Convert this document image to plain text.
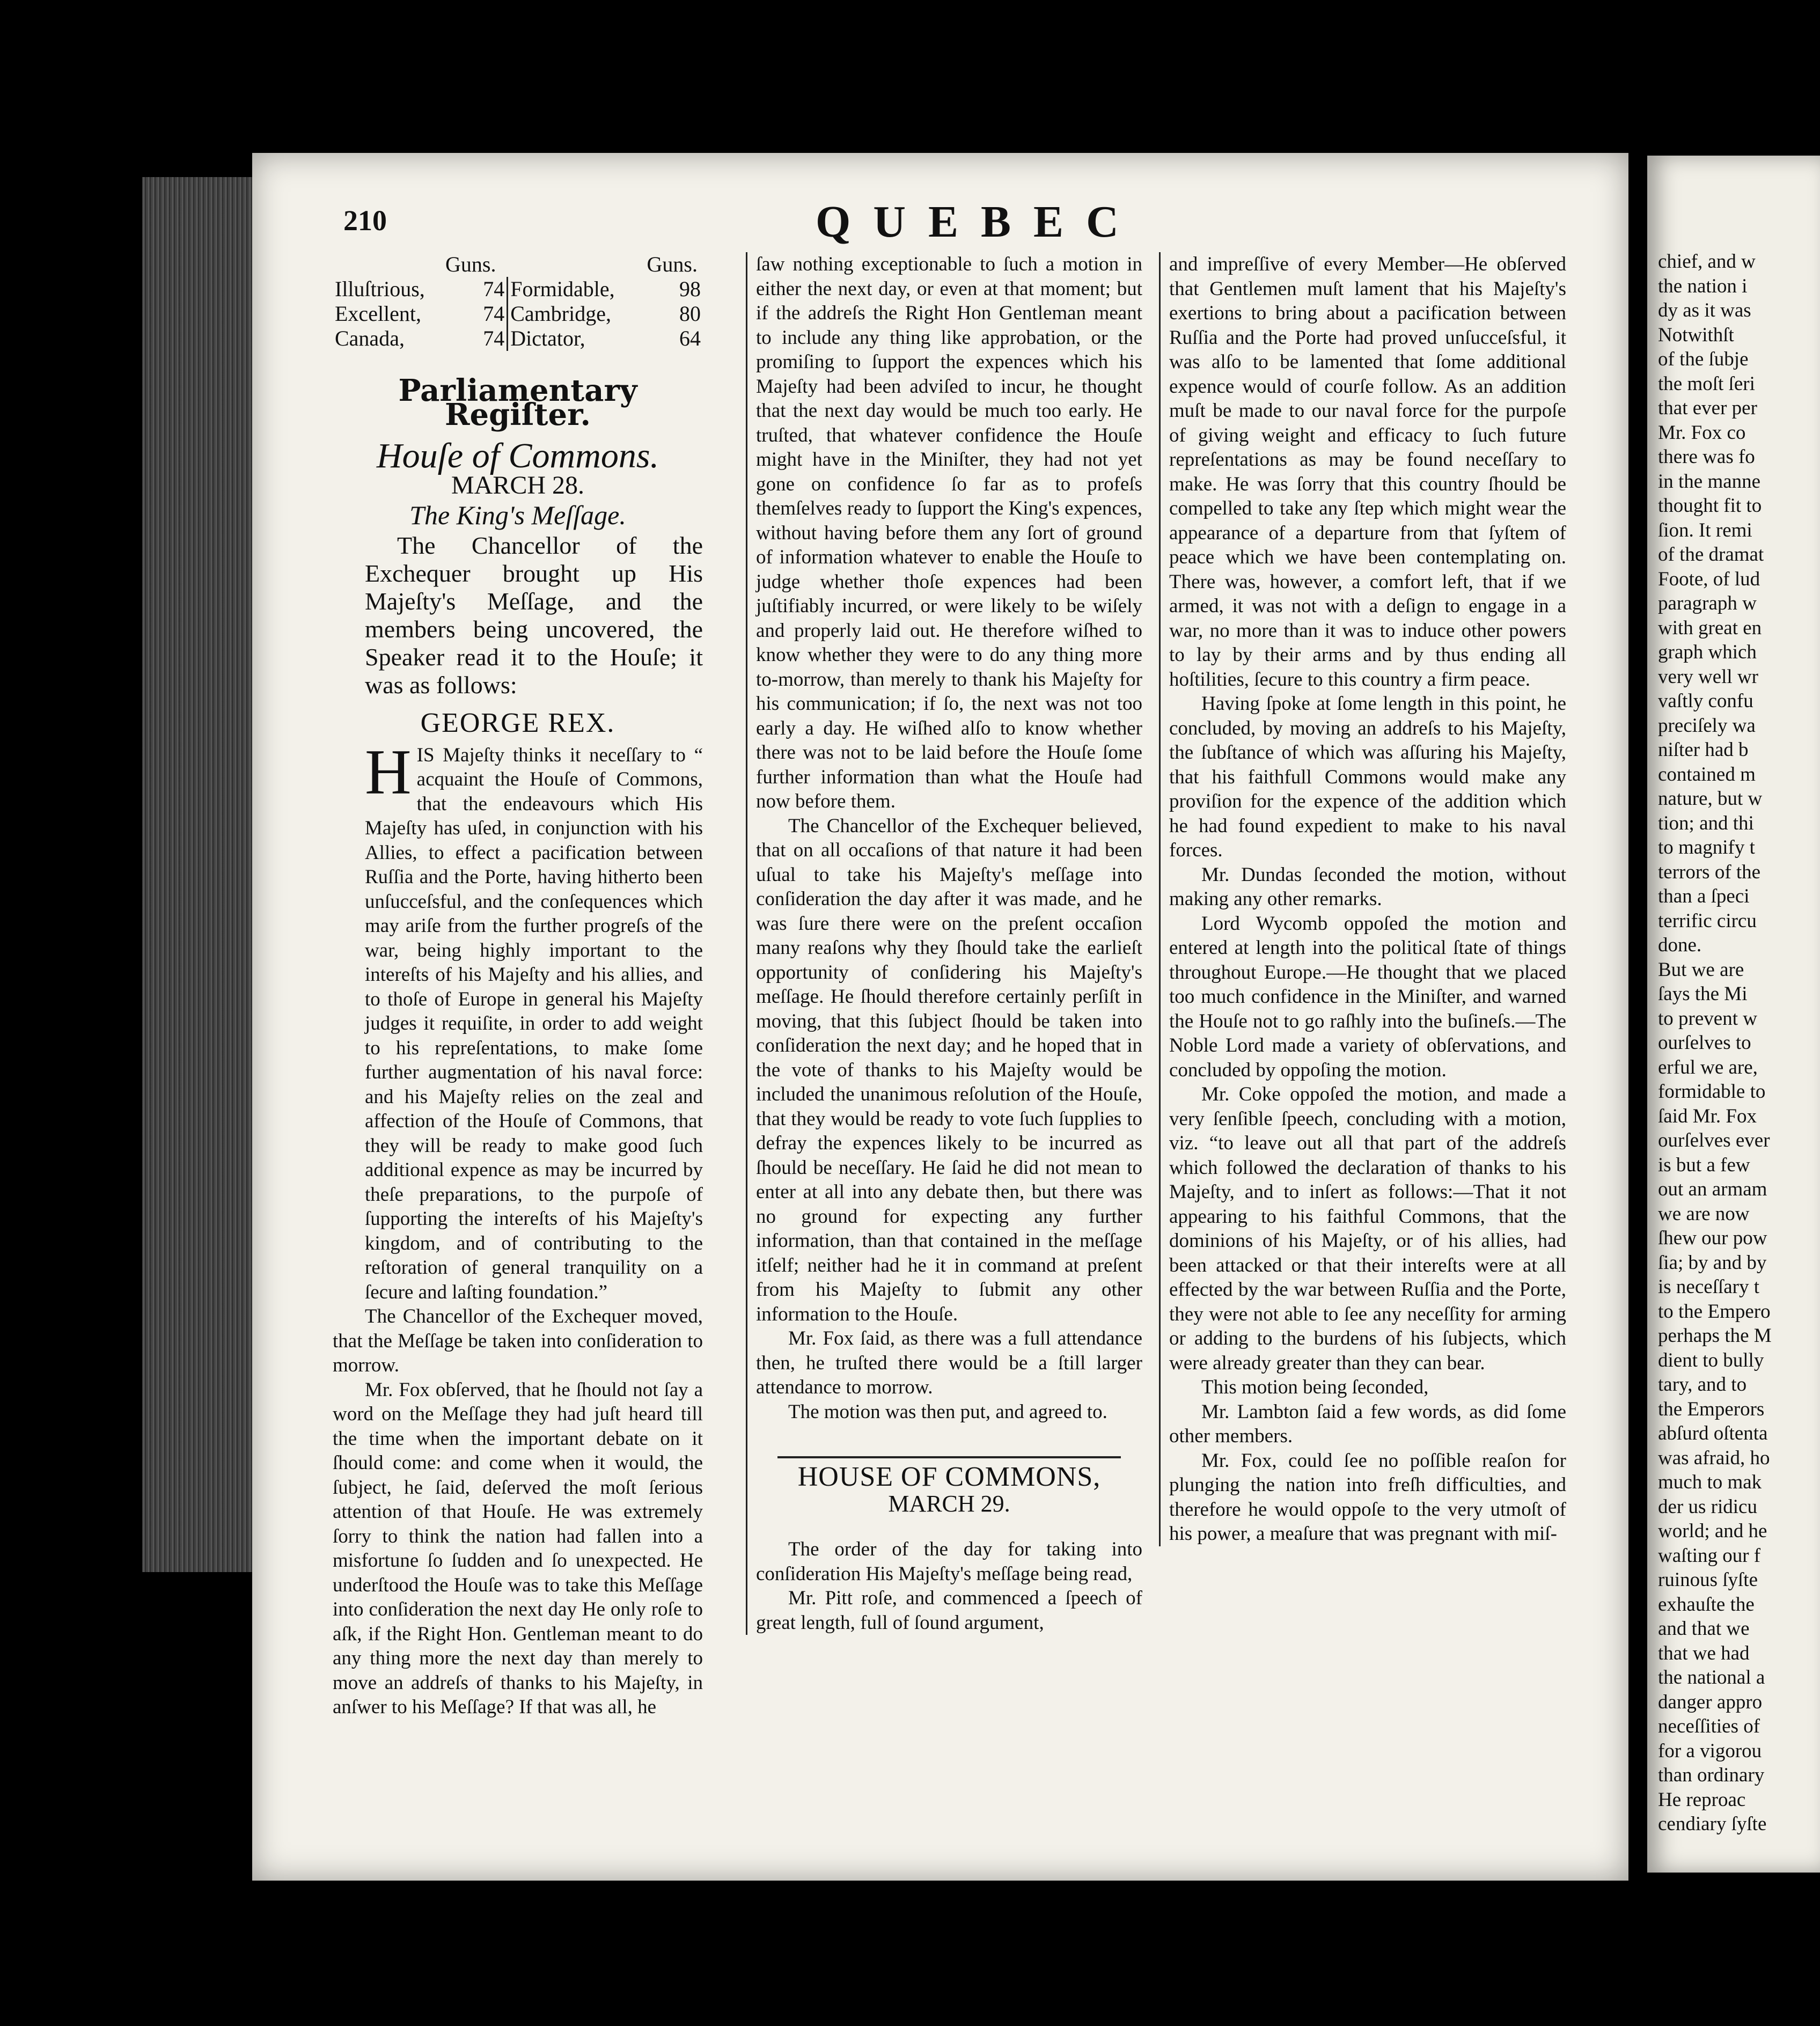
210	QUEBEC
Guns.	Guns.
Illuſtrious,	74	Formidable,	98
Excellent,	74	Cambridge,	80
Canada,	74	Dictator,	64
Parliamentary Regiſter.
Houſe of Commons.
MARCH 28.
The King's Meſſage.

The Chancellor of the Exchequer brought up His Majeſty's Meſſage, and the members being uncovered, the Speaker read it to the Houſe; it was as follows:

GEORGE REX.
H IS Majeſty thinks it neceſſary to “ acquaint the Houſe of Commons, that the endeavours which His Majeſty has uſed, in conjunction with his Allies, to effect a pacification between Ruſſia and the Porte, having hitherto been unſucceſsful, and the conſequences which may ariſe from the further progreſs of the war, being highly important to the intereſts of his Majeſty and his allies, and to thoſe of Europe in general his Majeſty judges it requiſite, in order to add weight to his repreſentations, to make ſome further augmentation of his naval force: and his Majeſty relies on the zeal and affection of the Houſe of Commons, that they will be ready to make good ſuch additional expence as may be incurred by theſe preparations, to the purpoſe of ſupporting the intereſts of his Majeſty's kingdom, and of contributing to the reſtoration of general tranquility on a ſecure and laſting foundation.”

The Chancellor of the Exchequer moved, that the Meſſage be taken into conſideration to morrow.

Mr. Fox obſerved, that he ſhould not ſay a word on the Meſſage they had juſt heard till the time when the important debate on it ſhould come: and come when it would, the ſubject, he ſaid, deſerved the moſt ſerious attention of that Houſe. He was extremely ſorry to think the nation had fallen into a misfortune ſo ſudden and ſo unexpected. He underſtood the Houſe was to take this Meſſage into conſideration the next day He only roſe to aſk, if the Right Hon. Gentleman meant to do any thing more the next day than merely to move an addreſs of thanks to his Majeſty, in anſwer to his Meſſage? If that was all, he

ſaw nothing exceptionable to ſuch a motion in either the next day, or even at that moment; but if the addreſs the Right Hon Gentleman meant to include any thing like approbation, or the promiſing to ſupport the expences which his Majeſty had been adviſed to incur, he thought that the next day would be much too early. He truſted, that whatever confidence the Houſe might have in the Miniſter, they had not yet gone on confidence ſo far as to profeſs themſelves ready to ſupport the King's expences, without having before them any ſort of ground of information whatever to enable the Houſe to judge whether thoſe expences had been juſtifiably incurred, or were likely to be wiſely and properly laid out. He therefore wiſhed to know whether they were to do any thing more to-morrow, than merely to thank his Majeſty for his communication; if ſo, the next was not too early a day. He wiſhed alſo to know whether there was not to be laid before the Houſe ſome further information than what the Houſe had now before them.

The Chancellor of the Exchequer believed, that on all occaſions of that nature it had been uſual to take his Majeſty's meſſage into conſideration the day after it was made, and he was ſure there were on the preſent occaſion many reaſons why they ſhould take the earlieſt opportunity of conſidering his Majeſty's meſſage. He ſhould therefore certainly perſiſt in moving, that this ſubject ſhould be taken into conſideration the next day; and he hoped that in the vote of thanks to his Majeſty would be included the unanimous reſolution of the Houſe, that they would be ready to vote ſuch ſupplies to defray the expences likely to be incurred as ſhould be neceſſary. He ſaid he did not mean to enter at all into any debate then, but there was no ground for expecting any further information, than that contained in the meſſage itſelf; neither had he it in command at preſent from his Majeſty to ſubmit any other information to the Houſe.

Mr. Fox ſaid, as there was a full attendance then, he truſted there would be a ſtill larger attendance to morrow.

The motion was then put, and agreed to.

HOUSE OF COMMONS,
MARCH 29.

The order of the day for taking into conſideration His Majeſty's meſſage being read,

Mr. Pitt roſe, and commenced a ſpeech of great length, full of ſound argument,

and impreſſive of every Member—He obſerved that Gentlemen muſt lament that his Majeſty's exertions to bring about a pacification between Ruſſia and the Porte had proved unſucceſsful, it was alſo to be lamented that ſome additional expence would of courſe follow. As an addition muſt be made to our naval force for the purpoſe of giving weight and efficacy to ſuch future repreſentations as may be found neceſſary to make. He was ſorry that this country ſhould be compelled to take any ſtep which might wear the appearance of a departure from that ſyſtem of peace which we have been contemplating on. There was, however, a comfort left, that if we armed, it was not with a deſign to engage in a war, no more than it was to induce other powers to lay by their arms and by thus ending all hoſtilities, ſecure to this country a firm peace.

Having ſpoke at ſome length in this point, he concluded, by moving an addreſs to his Majeſty, the ſubſtance of which was aſſuring his Majeſty, that his faithfull Commons would make any proviſion for the expence of the addition which he had found expedient to make to his naval forces.

Mr. Dundas ſeconded the motion, without making any other remarks.

Lord Wycomb oppoſed the motion and entered at length into the political ſtate of things throughout Europe.—He thought that we placed too much confidence in the Miniſter, and warned the Houſe not to go raſhly into the buſineſs.—The Noble Lord made a variety of obſervations, and concluded by oppoſing the motion.

Mr. Coke oppoſed the motion, and made a very ſenſible ſpeech, concluding with a motion, viz. “to leave out all that part of the addreſs which followed the declaration of thanks to his Majeſty, and to inſert as follows:—That it not appearing to his faithful Commons, that the dominions of his Majeſty, or of his allies, had been attacked or that their intereſts were at all effected by the war between Ruſſia and the Porte, they were not able to ſee any neceſſity for arming or adding to the burdens of his ſubjects, which were already greater than they can bear.

This motion being ſeconded,

Mr. Lambton ſaid a few words, as did ſome other members.

Mr. Fox, could ſee no poſſible reaſon for plunging the nation into freſh difficulties, and therefore he would oppoſe to the very utmoſt of his power, a meaſure that was pregnant with miſ-

chief, and w
the nation i
dy as it was
Notwithſt
of the ſubje
the moſt ſeri
that ever per
Mr. Fox co
there was fo
in the manne
thought fit to
ſion. It remi
of the dramat
Foote, of lud
paragraph w
with great en
graph which
very well wr
vaſtly confu
preciſely wa
niſter had b
contained m
nature, but w
tion; and thi
to magnify t
terrors of the
than a ſpeci
terrific circu
done.
But we are
ſays the Mi
to prevent w
ourſelves to
erful we are,
formidable to
ſaid Mr. Fox
ourſelves ever
is but a few
out an armam
we are now
ſhew our pow
ſia; by and by
is neceſſary t
to the Empero
perhaps the M
dient to bully
tary, and to
the Emperors
abſurd oſtenta
was afraid, ho
much to mak
der us ridicu
world; and he
waſting our f
ruinous ſyſte
exhauſte the
and that we
that we had
the national a
danger appro
neceſſities of
for a vigorou
than ordinary
He reproac
cendiary ſyſte
